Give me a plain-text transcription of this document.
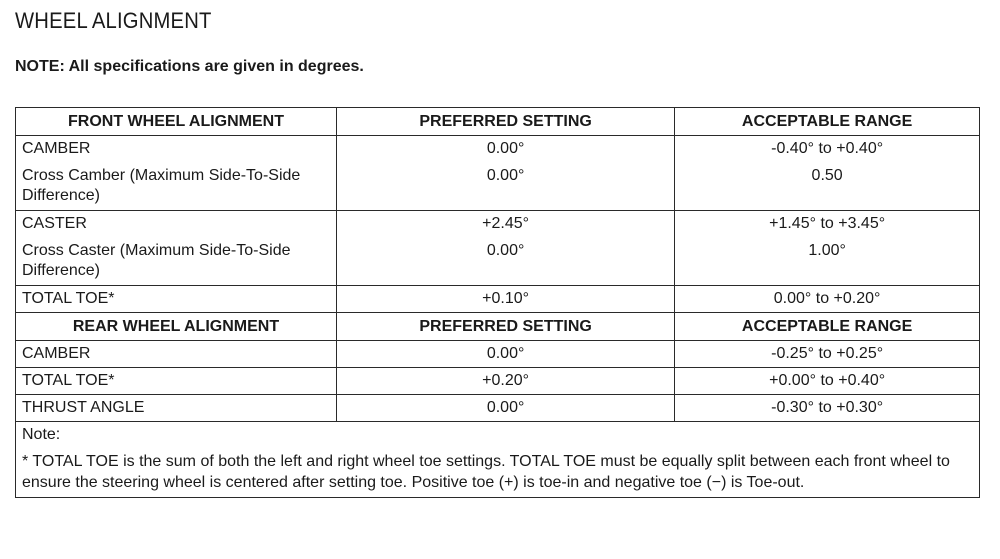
WHEEL ALIGNMENT

NOTE: All specifications are given in degrees.

FRONT WHEEL ALIGNMENT	PREFERRED SETTING	ACCEPTABLE RANGE
CAMBER	0.00°	-0.40° to +0.40°
Cross Camber (Maximum Side-To-Side Difference)	0.00°	0.50
CASTER	+2.45°	+1.45° to +3.45°
Cross Caster (Maximum Side-To-Side Difference)	0.00°	1.00°
TOTAL TOE*	+0.10°	0.00° to +0.20°
REAR WHEEL ALIGNMENT	PREFERRED SETTING	ACCEPTABLE RANGE
CAMBER	0.00°	-0.25° to +0.25°
TOTAL TOE*	+0.20°	+0.00° to +0.40°
THRUST ANGLE	0.00°	-0.30° to +0.30°

Note:
* TOTAL TOE is the sum of both the left and right wheel toe settings. TOTAL TOE must be equally split between each front wheel to ensure the steering wheel is centered after setting toe. Positive toe (+) is toe-in and negative toe (−) is Toe-out.		
